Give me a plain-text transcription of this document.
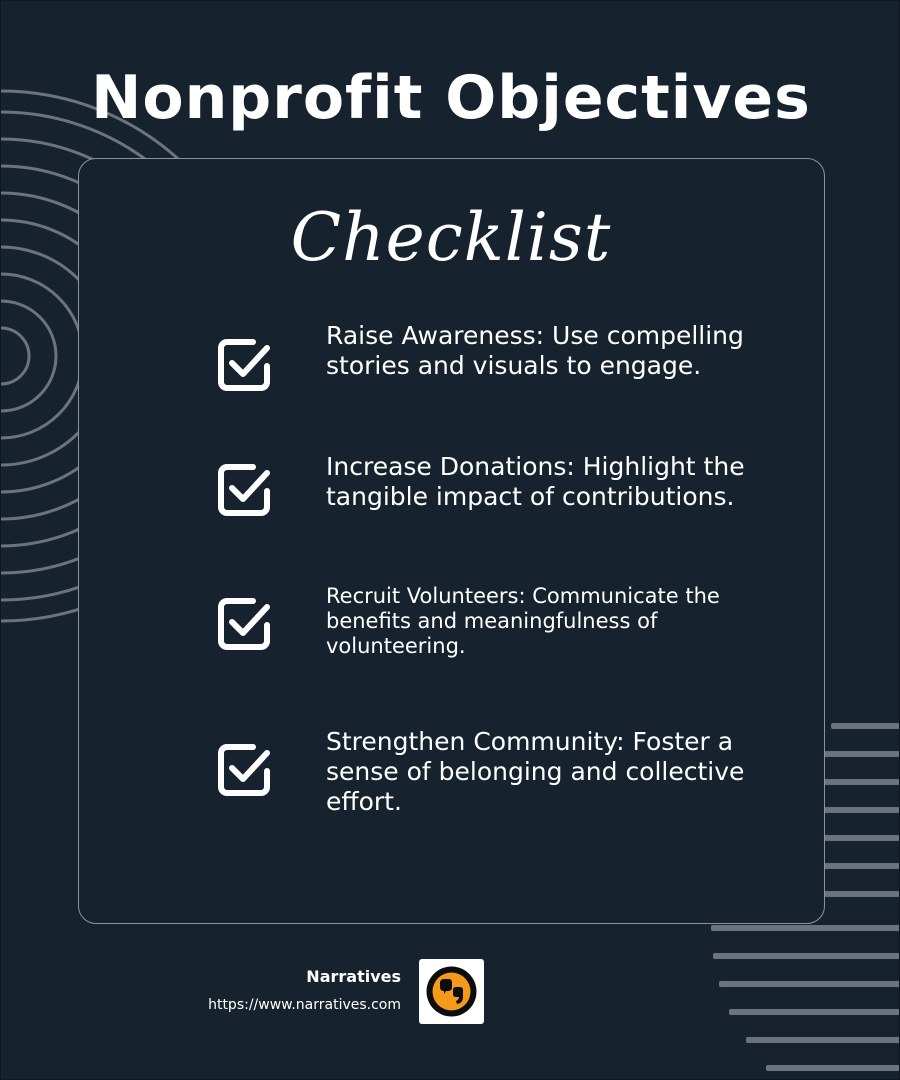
Nonprofit Objectives
Checklist
Raise Awareness: Use compelling stories and visuals to engage.
Increase Donations: Highlight the tangible impact of contributions.
Recruit Volunteers: Communicate the benefits and meaningfulness of volunteering.
Strengthen Community: Foster a sense of belonging and collective effort.
Narratives
https://www.narratives.com
